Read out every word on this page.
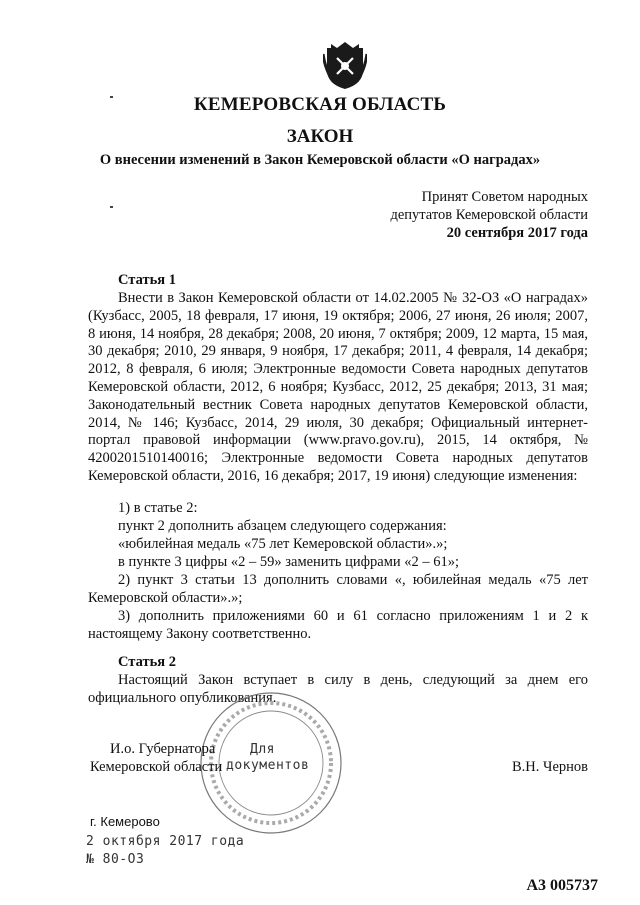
КЕМЕРОВСКАЯ ОБЛАСТЬ
ЗАКОН
О внесении изменений в Закон Кемеровской области «О наградах»
Принят Советом народных
депутатов Кемеровской области
20 сентября 2017 года
Статья 1

Внести в Закон Кемеровской области от 14.02.2005 № 32-ОЗ «О наградах» (Кузбасс, 2005, 18 февраля, 17 июня, 19 октября; 2006, 27 июня, 26 июля; 2007, 8 июня, 14 ноября, 28 декабря; 2008, 20 июня, 7 октября; 2009, 12 марта, 15 мая, 30 декабря; 2010, 29 января, 9 ноября, 17 декабря; 2011, 4 февраля, 14 декабря; 2012, 8 февраля, 6 июля; Электронные ведомости Совета народных депутатов Кемеровской области, 2012, 6 ноября; Кузбасс, 2012, 25 декабря; 2013, 31 мая; Законодательный вестник Совета народных депутатов Кемеровской области, 2014, № 146; Кузбасс, 2014, 29 июля, 30 декабря; Официальный интернет-портал правовой информации (www.pravo.gov.ru), 2015, 14 октября, № 4200201510140016; Электронные ведомости Совета народных депутатов Кемеровской области, 2016, 16 декабря; 2017, 19 июня) следующие изменения:

1) в статье 2:
пункт 2 дополнить абзацем следующего содержания:
«юбилейная медаль «75 лет Кемеровской области».»;
в пункте 3 цифры «2 – 59» заменить цифрами «2 – 61»;

2) пункт 3 статьи 13 дополнить словами «, юбилейная медаль «75 лет Кемеровской области».»;

3) дополнить приложениями 60 и 61 согласно приложениям 1 и 2 к настоящему Закону соответственно.

Статья 2

Настоящий Закон вступает в силу в день, следующий за днем его официального опубликования.

Для
документов
И.о. Губернатора
Кемеровской области	В.Н. Чернов
г. Кемерово
2 октября 2017 года
№ 80-ОЗ
А3 005737
